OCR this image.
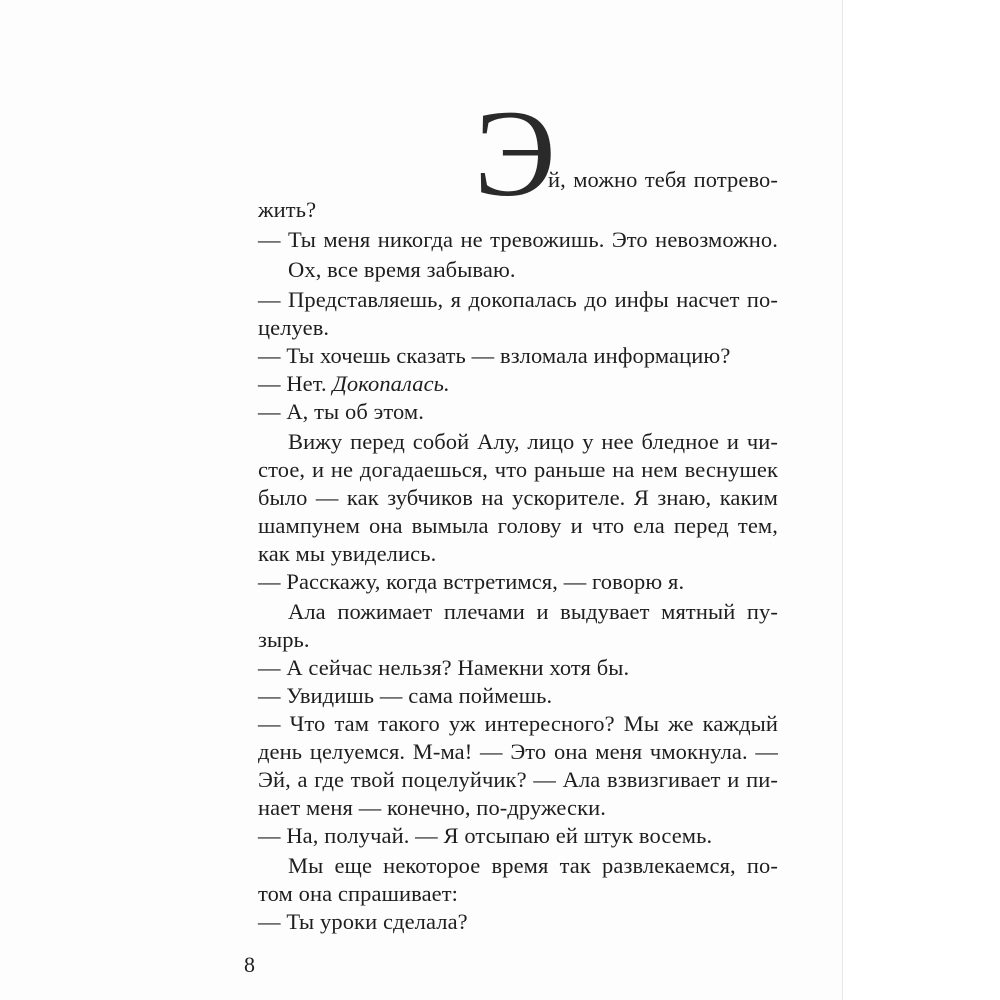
Э
й, можно тебя потрево-
жить?
— Ты меня никогда не тревожишь. Это невозможно.
Ох, все время забываю.
— Представляешь, я докопалась до инфы насчет по-
целуев.
— Ты хочешь сказать — взломала информацию?
— Нет. Докопалась.
— А, ты об этом.
Вижу перед собой Алу, лицо у нее бледное и чи-
стое, и не догадаешься, что раньше на нем веснушек
было — как зубчиков на ускорителе. Я знаю, каким
шампунем она вымыла голову и что ела перед тем,
как мы увиделись.
— Расскажу, когда встретимся, — говорю я.
Ала пожимает плечами и выдувает мятный пу-
зырь.
— А сейчас нельзя? Намекни хотя бы.
— Увидишь — сама поймешь.
— Что там такого уж интересного? Мы же каждый
день целуемся. М-ма! — Это она меня чмокнула. —
Эй, а где твой поцелуйчик? — Ала взвизгивает и пи-
нает меня — конечно, по-дружески.
— На, получай. — Я отсыпаю ей штук восемь.
Мы еще некоторое время так развлекаемся, по-
том она спрашивает:
— Ты уроки сделала?
8
